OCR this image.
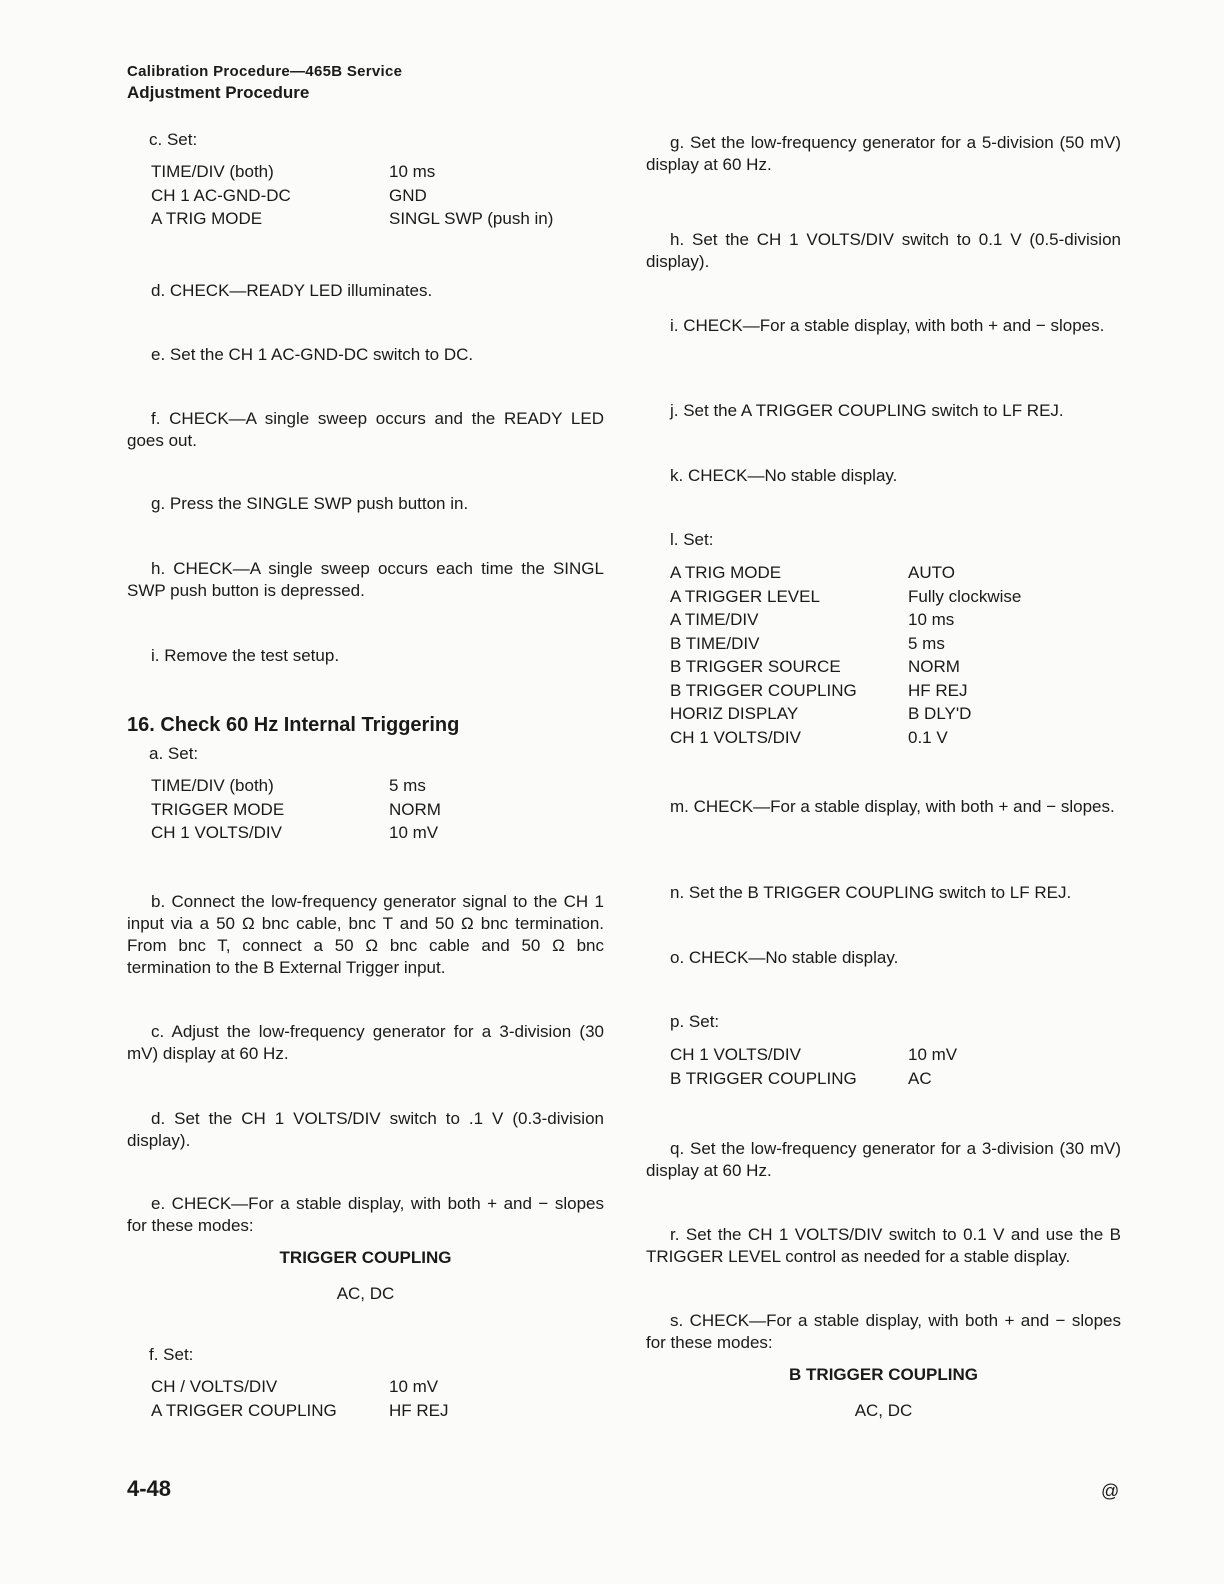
Calibration Procedure—465B Service
Adjustment Procedure
c. Set:
TIME/DIV (both)	10 ms
CH 1 AC-GND-DC	GND
A TRIG MODE	SINGL SWP (push in)
d. CHECK—READY LED illuminates.
e. Set the CH 1 AC-GND-DC switch to DC.
f. CHECK—A single sweep occurs and the READY LED goes out.
g. Press the SINGLE SWP push button in.
h. CHECK—A single sweep occurs each time the SINGL SWP push button is depressed.
i. Remove the test setup.
16. Check 60 Hz Internal Triggering
a. Set:
TIME/DIV (both)	5 ms
TRIGGER MODE	NORM
CH 1 VOLTS/DIV	10 mV
b. Connect the low-frequency generator signal to the CH 1 input via a 50 Ω bnc cable, bnc T and 50 Ω bnc termination. From bnc T, connect a 50 Ω bnc cable and 50 Ω bnc termination to the B External Trigger input.
c. Adjust the low-frequency generator for a 3-division (30 mV) display at 60 Hz.
d. Set the CH 1 VOLTS/DIV switch to .1 V (0.3-division display).
e. CHECK—For a stable display, with both + and − slopes for these modes:
TRIGGER COUPLING
AC, DC
f. Set:
CH / VOLTS/DIV	10 mV
A TRIGGER COUPLING	HF REJ
g. Set the low-frequency generator for a 5-division (50 mV) display at 60 Hz.
h. Set the CH 1 VOLTS/DIV switch to 0.1 V (0.5-division display).
i. CHECK—For a stable display, with both + and − slopes.
j. Set the A TRIGGER COUPLING switch to LF REJ.
k. CHECK—No stable display.
l. Set:
A TRIG MODE	AUTO
A TRIGGER LEVEL	Fully clockwise
A TIME/DIV	10 ms
B TIME/DIV	5 ms
B TRIGGER SOURCE	NORM
B TRIGGER COUPLING	HF REJ
HORIZ DISPLAY	B DLY'D
CH 1 VOLTS/DIV	0.1 V
m. CHECK—For a stable display, with both + and − slopes.
n. Set the B TRIGGER COUPLING switch to LF REJ.
o. CHECK—No stable display.
p. Set:
CH 1 VOLTS/DIV	10 mV
B TRIGGER COUPLING	AC
q. Set the low-frequency generator for a 3-division (30 mV) display at 60 Hz.
r. Set the CH 1 VOLTS/DIV switch to 0.1 V and use the B TRIGGER LEVEL control as needed for a stable display.
s. CHECK—For a stable display, with both + and − slopes for these modes:
B TRIGGER COUPLING
AC, DC
4-48	@
